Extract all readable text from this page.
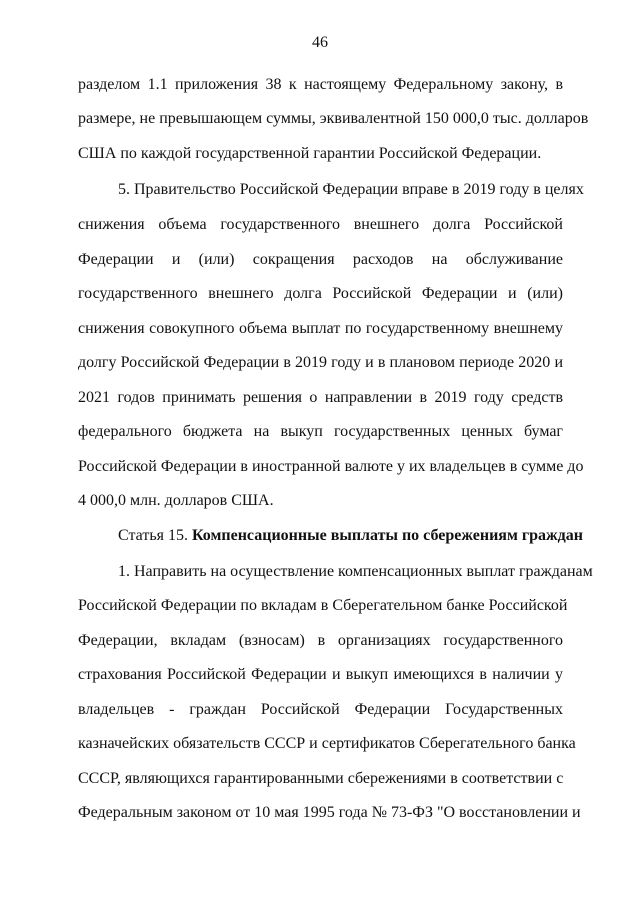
46
разделом 1.1 приложения 38 к настоящему Федеральному закону, в
размере, не превышающем суммы, эквивалентной 150 000,0 тыс. долларов
США по каждой государственной гарантии Российской Федерации.
5. Правительство Российской Федерации вправе в 2019 году в целях
снижения объема государственного внешнего долга Российской
Федерации и (или) сокращения расходов на обслуживание
государственного внешнего долга Российской Федерации и (или)
снижения совокупного объема выплат по государственному внешнему
долгу Российской Федерации в 2019 году и в плановом периоде 2020 и
2021 годов принимать решения о направлении в 2019 году средств
федерального бюджета на выкуп государственных ценных бумаг
Российской Федерации в иностранной валюте у их владельцев в сумме до
4 000,0 млн. долларов США.
Статья 15. Компенсационные выплаты по сбережениям граждан
1. Направить на осуществление компенсационных выплат гражданам
Российской Федерации по вкладам в Сберегательном банке Российской
Федерации, вкладам (взносам) в организациях государственного
страхования Российской Федерации и выкуп имеющихся в наличии у
владельцев - граждан Российской Федерации Государственных
казначейских обязательств СССР и сертификатов Сберегательного банка
СССР, являющихся гарантированными сбережениями в соответствии с
Федеральным законом от 10 мая 1995 года № 73-ФЗ "О восстановлении и
